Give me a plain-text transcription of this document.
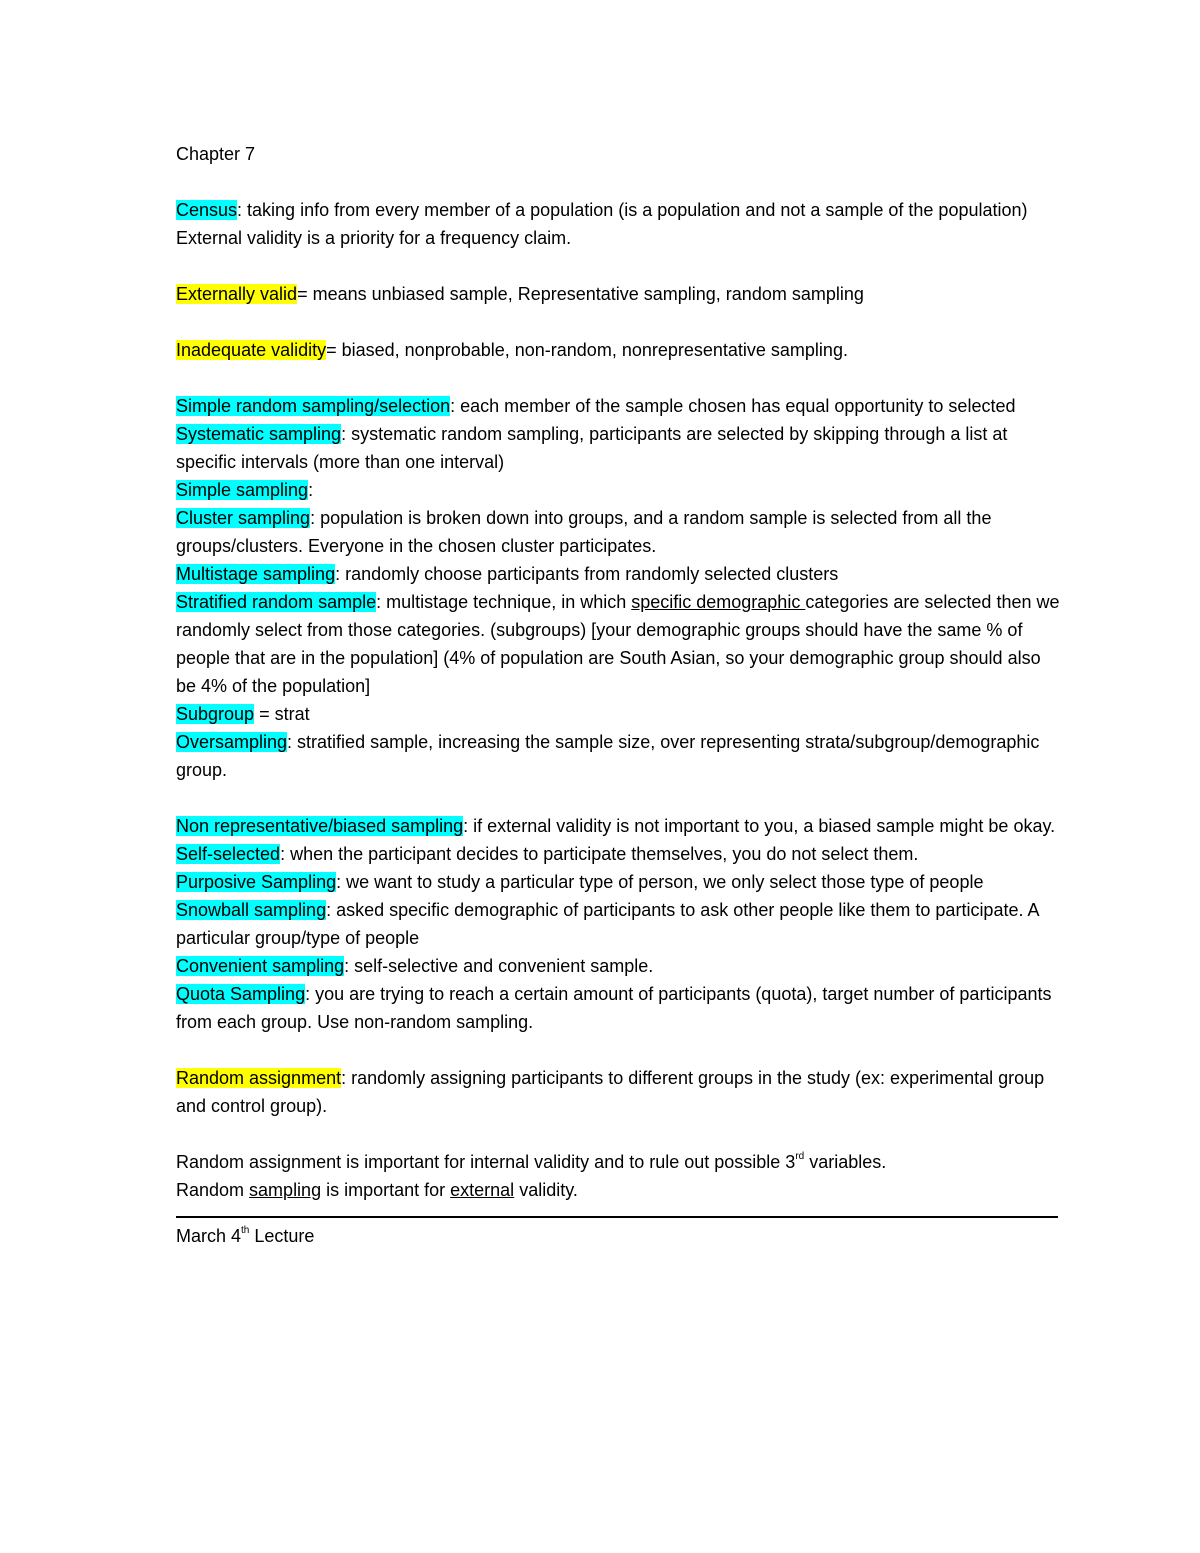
Chapter 7

Census: taking info from every member of a population (is a population and not a sample of the population)

External validity is a priority for a frequency claim.

Externally valid= means unbiased sample, Representative sampling, random sampling

Inadequate validity= biased, nonprobable, non-random, nonrepresentative sampling.

Simple random sampling/selection: each member of the sample chosen has equal opportunity to selected

Systematic sampling: systematic random sampling, participants are selected by skipping through a list at specific intervals (more than one interval)

Simple sampling:

Cluster sampling: population is broken down into groups, and a random sample is selected from all the groups/clusters. Everyone in the chosen cluster participates.

Multistage sampling: randomly choose participants from randomly selected clusters

Stratified random sample: multistage technique, in which specific demographic categories are selected then we randomly select from those categories. (subgroups) [your demographic groups should have the same % of people that are in the population] (4% of population are South Asian, so your demographic group should also be 4% of the population]

Subgroup = strat

Oversampling: stratified sample, increasing the sample size, over representing strata/subgroup/demographic group.

Non representative/biased sampling: if external validity is not important to you, a biased sample might be okay.

Self-selected: when the participant decides to participate themselves, you do not select them.

Purposive Sampling: we want to study a particular type of person, we only select those type of people

Snowball sampling: asked specific demographic of participants to ask other people like them to participate. A particular group/type of people

Convenient sampling: self-selective and convenient sample.

Quota Sampling: you are trying to reach a certain amount of participants (quota), target number of participants from each group. Use non-random sampling.

Random assignment: randomly assigning participants to different groups in the study (ex: experimental group and control group).

Random assignment is important for internal validity and to rule out possible 3rd variables.

Random sampling is important for external validity.

March 4th Lecture
